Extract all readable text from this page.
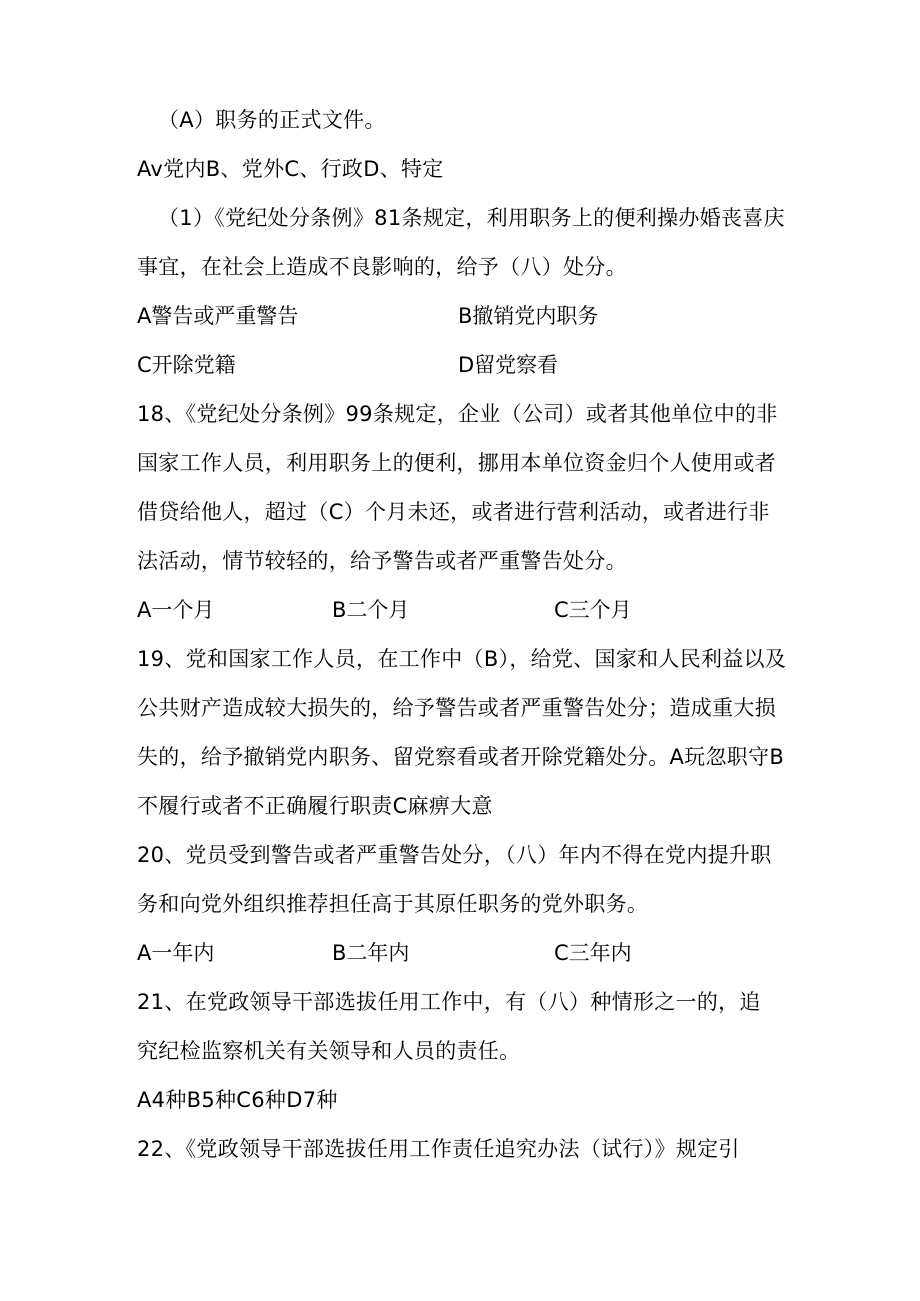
（A）职务的正式文件。

Av党内B、党外C、行政D、特定

（1）《党纪处分条例》81条规定，利用职务上的便利操办婚丧喜庆

事宜，在社会上造成不良影响的，给予（八）处分。

A警告或严重警告	B撤销党内职务

C开除党籍	D留党察看

18、《党纪处分条例》99条规定，企业（公司）或者其他单位中的非

国家工作人员，利用职务上的便利，挪用本单位资金归个人使用或者

借贷给他人，超过（C）个月未还，或者进行营利活动，或者进行非

法活动，情节较轻的，给予警告或者严重警告处分。

A一个月	B二个月	C三个月

19、党和国家工作人员，在工作中（B），给党、国家和人民利益以及

公共财产造成较大损失的，给予警告或者严重警告处分；造成重大损

失的，给予撤销党内职务、留党察看或者开除党籍处分。A玩忽职守B

不履行或者不正确履行职责C麻痹大意

20、党员受到警告或者严重警告处分，（八）年内不得在党内提升职

务和向党外组织推荐担任高于其原任职务的党外职务。

A一年内	B二年内	C三年内

21、在党政领导干部选拔任用工作中，有（八）种情形之一的，追

究纪检监察机关有关领导和人员的责任。

A4种B5种C6种D7种

22、《党政领导干部选拔任用工作责任追究办法（试行）》规定引
